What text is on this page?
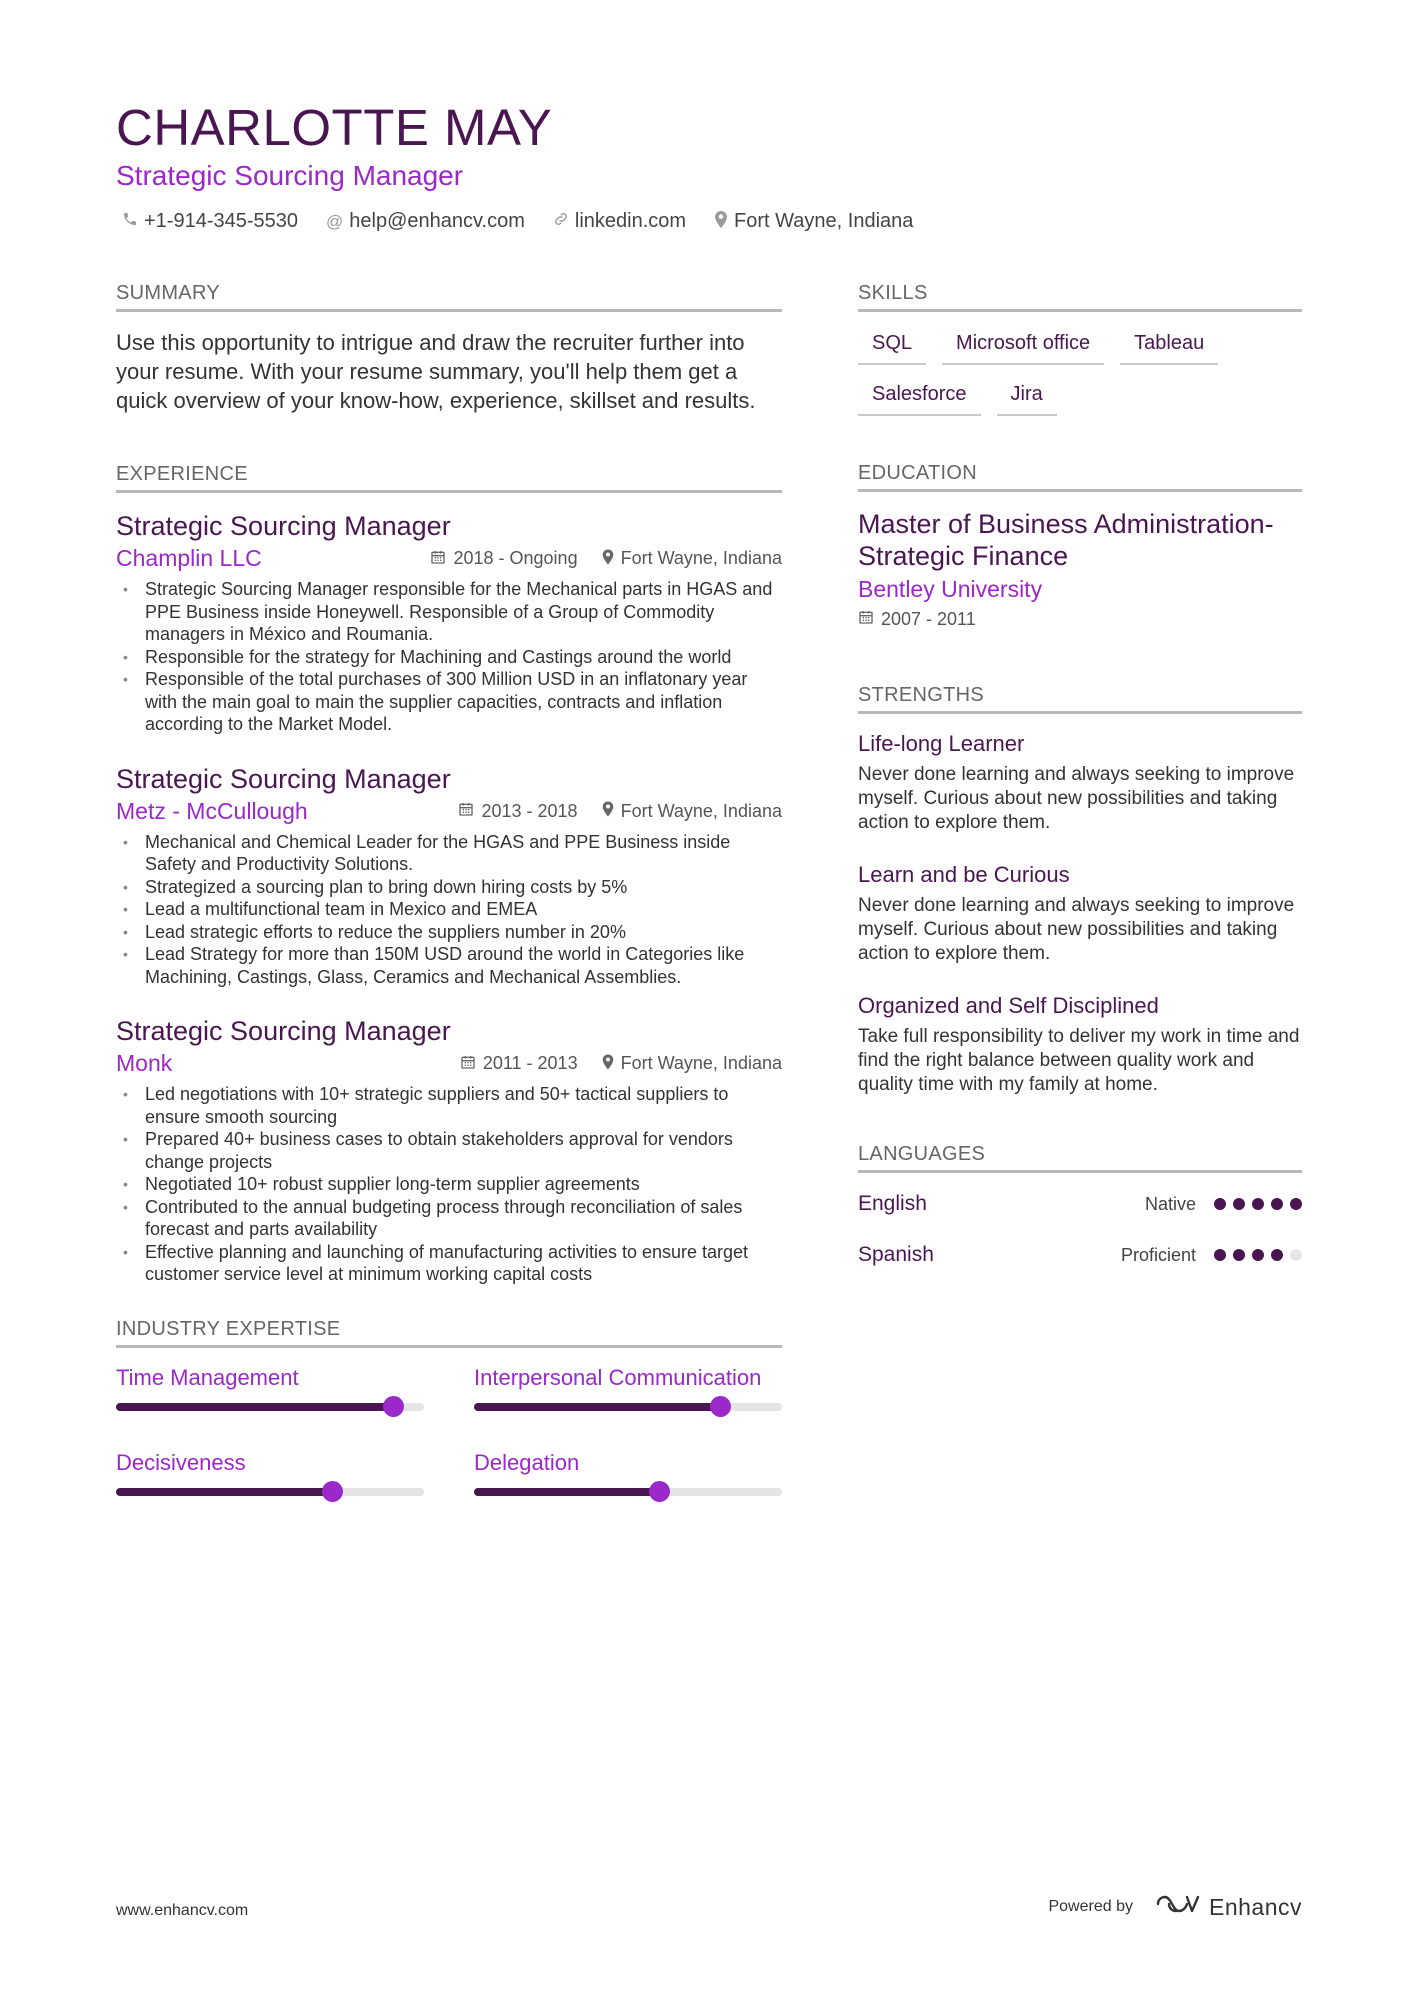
CHARLOTTE MAY
Strategic Sourcing Manager
+1-914-345-5530 @ help@enhancv.com	linkedin.com Fort Wayne, Indiana
SUMMARY

Use this opportunity to intrigue and draw the recruiter further into your resume. With your resume summary, you'll help them get a quick overview of your know-how, experience, skillset and results.

EXPERIENCE
Strategic Sourcing Manager
Champlin LLC	2018 - Ongoing Fort Wayne, Indiana
• Strategic Sourcing Manager responsible for the Mechanical parts in HGAS and PPE Business inside Honeywell. Responsible of a Group of Commodity managers in México and Roumania.
• Responsible for the strategy for Machining and Castings around the world
• Responsible of the total purchases of 300 Million USD in an inflatonary year with the main goal to main the supplier capacities, contracts and inflation according to the Market Model.
Strategic Sourcing Manager
Metz - McCullough	2013 - 2018 Fort Wayne, Indiana
• Mechanical and Chemical Leader for the HGAS and PPE Business inside Safety and Productivity Solutions.
• Strategized a sourcing plan to bring down hiring costs by 5%
• Lead a multifunctional team in Mexico and EMEA
• Lead strategic efforts to reduce the suppliers number in 20%
• Lead Strategy for more than 150M USD around the world in Categories like Machining, Castings, Glass, Ceramics and Mechanical Assemblies.
Strategic Sourcing Manager
Monk	2011 - 2013 Fort Wayne, Indiana
• Led negotiations with 10+ strategic suppliers and 50+ tactical suppliers to ensure smooth sourcing
• Prepared 40+ business cases to obtain stakeholders approval for vendors change projects
• Negotiated 10+ robust supplier long-term supplier agreements
• Contributed to the annual budgeting process through reconciliation of sales forecast and parts availability
• Effective planning and launching of manufacturing activities to ensure target customer service level at minimum working capital costs
INDUSTRY EXPERTISE
Time Management	Interpersonal Communication
Decisiveness	Delegation
SKILLS
SQL	Microsoft office	Tableau
Salesforce	Jira
EDUCATION
Master of Business Administration- Strategic Finance
Bentley University
2007 - 2011
STRENGTHS
Life-long Learner
Never done learning and always seeking to improve myself. Curious about new possibilities and taking action to explore them.
Learn and be Curious
Never done learning and always seeking to improve myself. Curious about new possibilities and taking action to explore them.
Organized and Self Disciplined
Take full responsibility to deliver my work in time and find the right balance between quality work and quality time with my family at home.
LANGUAGES
English	Native
Spanish	Proficient
www.enhancv.com	Powered by	Enhancv
